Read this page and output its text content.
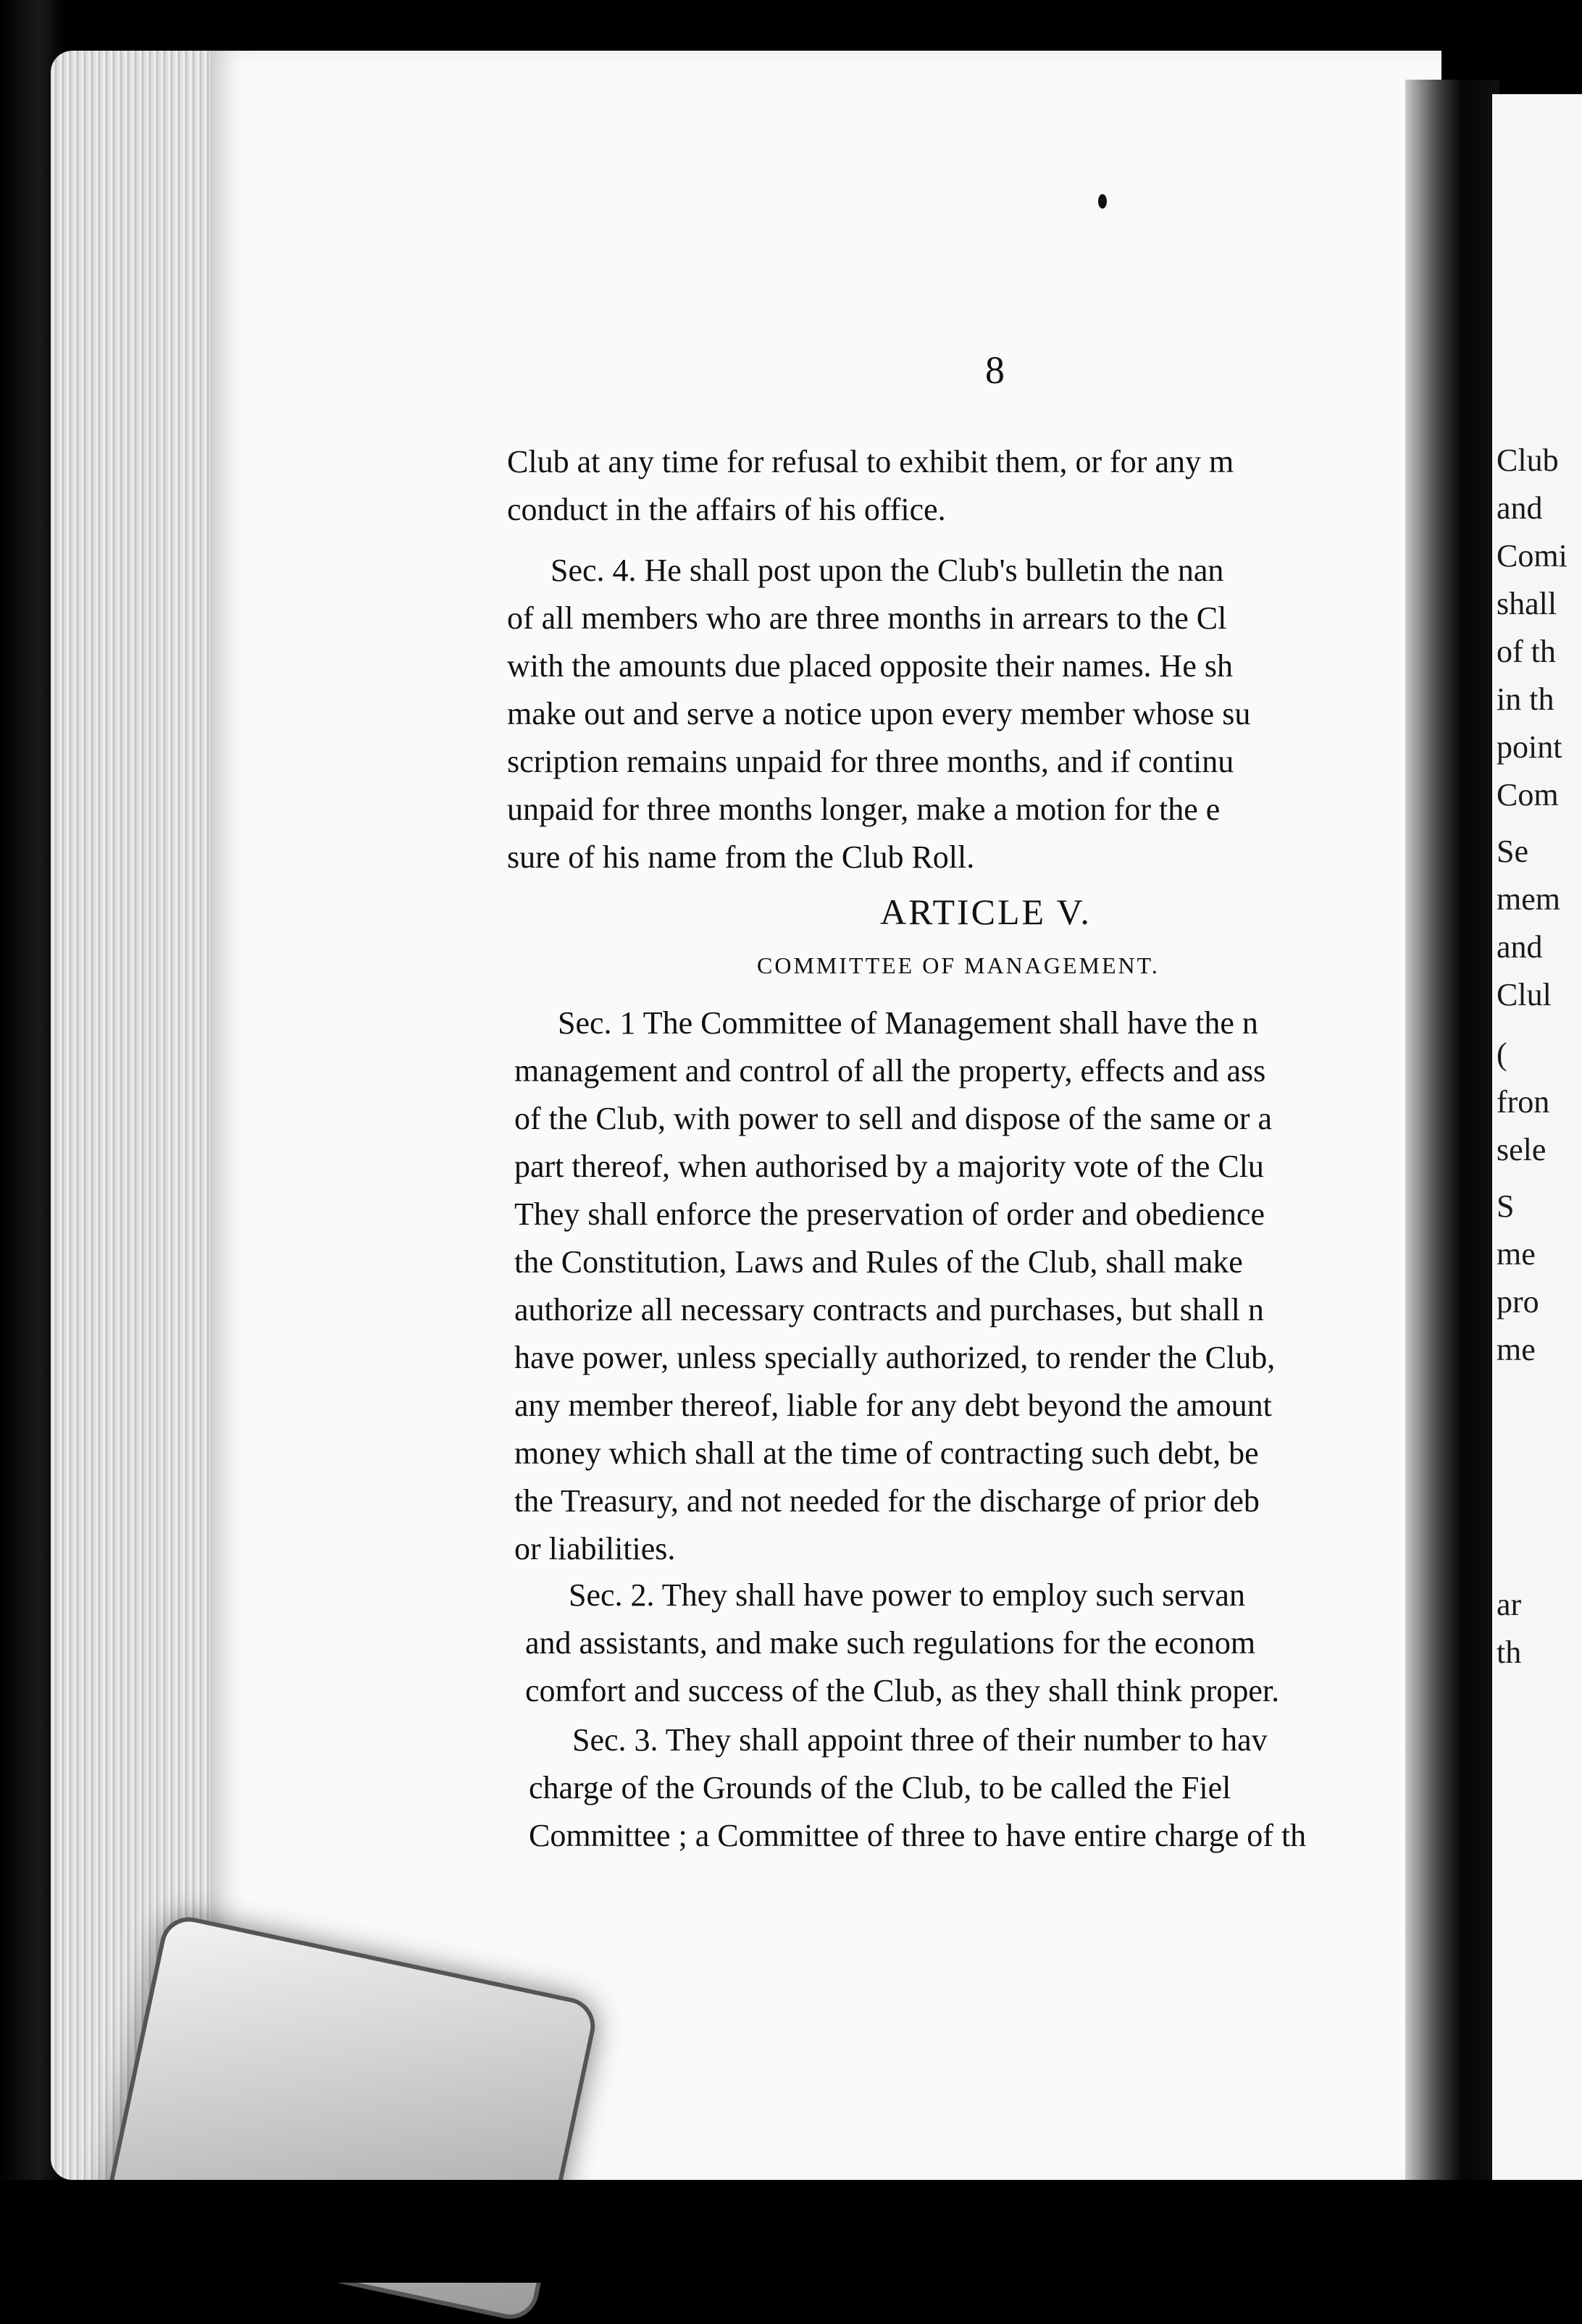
Club
and
Comi
shall
of th
in th
point
Com
Se
mem
and
Clul
(
fron
sele
S
me
pro
me
ar
th
8
Club at any time for refusal to exhibit them, or for any m
conduct in the affairs of his office.
Sec. 4. He shall post upon the Club's bulletin the nan
of all members who are three months in arrears to the Cl
with the amounts due placed opposite their names. He sh
make out and serve a notice upon every member whose su
scription remains unpaid for three months, and if continu
unpaid for three months longer, make a motion for the e
sure of his name from the Club Roll.
ARTICLE V.
COMMITTEE OF MANAGEMENT.
Sec. 1 The Committee of Management shall have the n
management and control of all the property, effects and ass
of the Club, with power to sell and dispose of the same or a
part thereof, when authorised by a majority vote of the Clu
They shall enforce the preservation of order and obedience
the Constitution, Laws and Rules of the Club, shall make
authorize all necessary contracts and purchases, but shall n
have power, unless specially authorized, to render the Club,
any member thereof, liable for any debt beyond the amount
money which shall at the time of contracting such debt, be
the Treasury, and not needed for the discharge of prior deb
or liabilities.
Sec. 2. They shall have power to employ such servan
and assistants, and make such regulations for the econom
comfort and success of the Club, as they shall think proper.
Sec. 3. They shall appoint three of their number to hav
charge of the Grounds of the Club, to be called the Fiel
Committee ; a Committee of three to have entire charge of th
